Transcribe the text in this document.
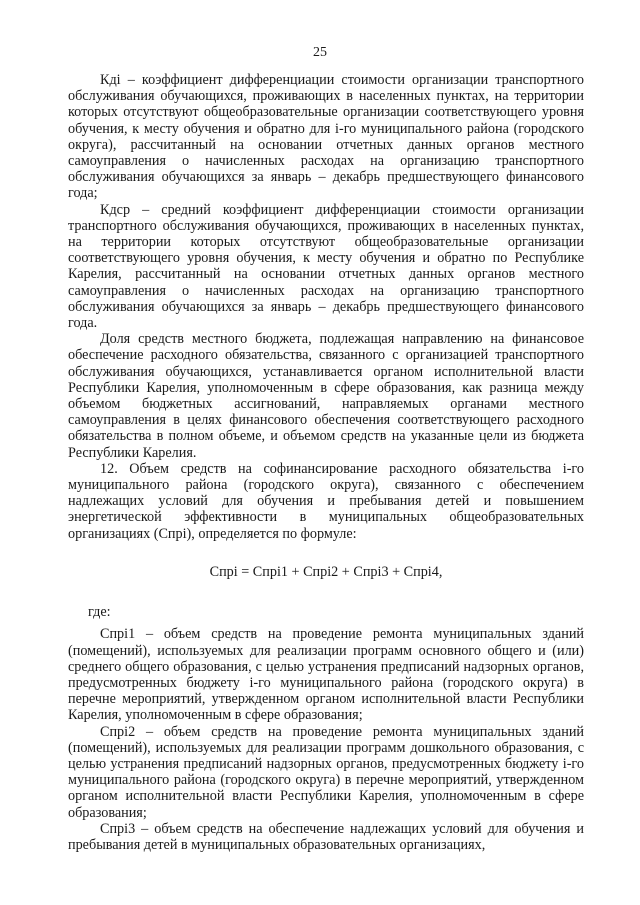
25

Кдi – коэффициент дифференциации стоимости организации транспортного обслуживания обучающихся, проживающих в населенных пунктах, на территории которых отсутствуют общеобразовательные организации соответствующего уровня обучения, к месту обучения и обратно для i-го муниципального района (городского округа), рассчитанный на основании отчетных данных органов местного самоуправления о начисленных расходах на организацию транспортного обслуживания обучающихся за январь – декабрь предшествующего финансового года;

Кдср – средний коэффициент дифференциации стоимости организации транспортного обслуживания обучающихся, проживающих в населенных пунктах, на территории которых отсутствуют общеобразовательные организации соответствующего уровня обучения, к месту обучения и обратно по Республике Карелия, рассчитанный на основании отчетных данных органов местного самоуправления о начисленных расходах на организацию транспортного обслуживания обучающихся за январь – декабрь предшествующего финансового года.

Доля средств местного бюджета, подлежащая направлению на финансовое обеспечение расходного обязательства, связанного с организацией транспортного обслуживания обучающихся, устанавливается органом исполнительной власти Республики Карелия, уполномоченным в сфере образования, как разница между объемом бюджетных ассигнований, направляемых органами местного самоуправления в целях финансового обеспечения соответствующего расходного обязательства в полном объеме, и объемом средств на указанные цели из бюджета Республики Карелия.

12. Объем средств на софинансирование расходного обязательства i-го муниципального района (городского округа), связанного с обеспечением надлежащих условий для обучения и пребывания детей и повышением энергетической эффективности в муниципальных общеобразовательных организациях (Спрi), определяется по формуле:

Спрi = Спрi1 + Спрi2 + Спрi3 + Спрi4,

где:

Спрi1 – объем средств на проведение ремонта муниципальных зданий (помещений), используемых для реализации программ основного общего и (или) среднего общего образования, с целью устранения предписаний надзорных органов, предусмотренных бюджету i-го муниципального района (городского округа) в перечне мероприятий, утвержденном органом исполнительной власти Республики Карелия, уполномоченным в сфере образования;

Спрi2 – объем средств на проведение ремонта муниципальных зданий (помещений), используемых для реализации программ дошкольного образования, с целью устранения предписаний надзорных органов, предусмотренных бюджету i-го муниципального района (городского округа) в перечне мероприятий, утвержденном органом исполнительной власти Республики Карелия, уполномоченным в сфере образования;

Спрi3 – объем средств на обеспечение надлежащих условий для обучения и пребывания детей в муниципальных образовательных организациях,
